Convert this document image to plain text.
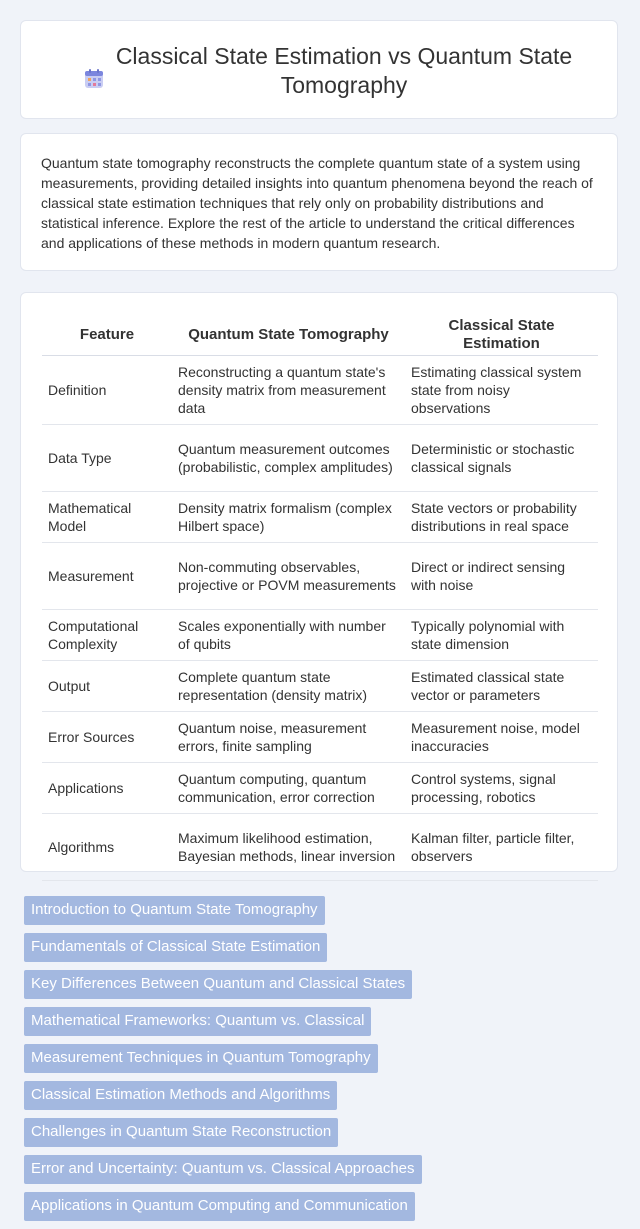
Classical State Estimation vs Quantum State Tomography

Quantum state tomography reconstructs the complete quantum state of a system using measurements, providing detailed insights into quantum phenomena beyond the reach of classical state estimation techniques that rely only on probability distributions and statistical inference. Explore the rest of the article to understand the critical differences and applications of these methods in modern quantum research.

Feature	Quantum State Tomography	Classical State Estimation
Definition	Reconstructing a quantum state's density matrix from measurement data	Estimating classical system state from noisy observations
Data Type	Quantum measurement outcomes (probabilistic, complex amplitudes)	Deterministic or stochastic classical signals
Mathematical Model	Density matrix formalism (complex Hilbert space)	State vectors or probability distributions in real space
Measurement	Non-commuting observables, projective or POVM measurements	Direct or indirect sensing with noise
Computational Complexity	Scales exponentially with number of qubits	Typically polynomial with state dimension
Output	Complete quantum state representation (density matrix)	Estimated classical state vector or parameters
Error Sources	Quantum noise, measurement errors, finite sampling	Measurement noise, model inaccuracies
Applications	Quantum computing, quantum communication, error correction	Control systems, signal processing, robotics
Algorithms	Maximum likelihood estimation, Bayesian methods, linear inversion	Kalman filter, particle filter, observers
Introduction to Quantum State Tomography
Fundamentals of Classical State Estimation
Key Differences Between Quantum and Classical States
Mathematical Frameworks: Quantum vs. Classical
Measurement Techniques in Quantum Tomography
Classical Estimation Methods and Algorithms
Challenges in Quantum State Reconstruction
Error and Uncertainty: Quantum vs. Classical Approaches
Applications in Quantum Computing and Communication
